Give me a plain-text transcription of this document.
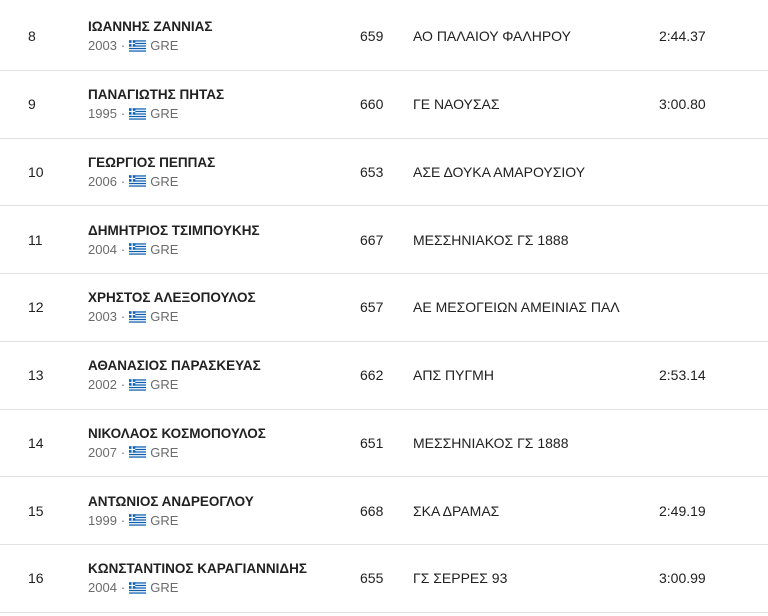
8
ΙΩΑΝΝΗΣ ΖΑΝΝΙΑΣ
2003 · GRE
659 ΑΟ ΠΑΛΑΙΟΥ ΦΑΛΗΡΟΥ	2:44.37
9
ΠΑΝΑΓΙΩΤΗΣ ΠΗΤΑΣ
1995 · GRE
660 ΓΕ ΝΑΟΥΣΑΣ	3:00.80
10
ΓΕΩΡΓΙΟΣ ΠΕΠΠΑΣ
2006 · GRE
653 ΑΣΕ ΔΟΥΚΑ ΑΜΑΡΟΥΣΙΟΥ
11
ΔΗΜΗΤΡΙΟΣ ΤΣΙΜΠΟΥΚΗΣ
2004 · GRE
667 ΜΕΣΣΗΝΙΑΚΟΣ ΓΣ 1888
12
ΧΡΗΣΤΟΣ ΑΛΕΞΟΠΟΥΛΟΣ
2003 · GRE
657 ΑΕ ΜΕΣΟΓΕΙΩΝ ΑΜΕΙΝΙΑΣ ΠΑΛ
13
ΑΘΑΝΑΣΙΟΣ ΠΑΡΑΣΚΕΥΑΣ
2002 · GRE
662 ΑΠΣ ΠΥΓΜΗ	2:53.14
14
ΝΙΚΟΛΑΟΣ ΚΟΣΜΟΠΟΥΛΟΣ
2007 · GRE
651 ΜΕΣΣΗΝΙΑΚΟΣ ΓΣ 1888
15
ΑΝΤΩΝΙΟΣ ΑΝΔΡΕΟΓΛΟΥ
1999 · GRE
668 ΣΚΑ ΔΡΑΜΑΣ	2:49.19
16
ΚΩΝΣΤΑΝΤΙΝΟΣ ΚΑΡΑΓΙΑΝΝΙΔΗΣ
2004 · GRE
655 ΓΣ ΣΕΡΡΕΣ 93	3:00.99
